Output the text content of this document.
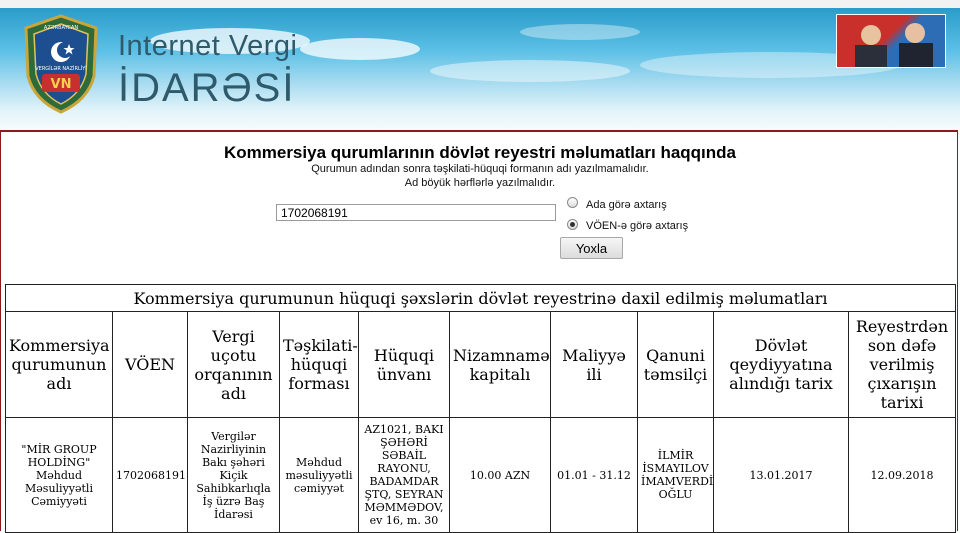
AZƏRBAYCAN
VERGİLƏR NAZİRLİYİ
VN
Internet Vergi
İDARƏSİ
Kommersiya qurumlarının dövlət reyestri məlumatları haqqında
Qurumun adından sonra təşkilati-hüquqi formanın adı yazılmamalıdır.
Ad böyük hərflərlə yazılmalıdır.
1702068191
Ada görə axtarış
VÖEN-ə görə axtarış
Yoxla
Kommersiya qurumunun hüquqi şəxslərin dövlət reyestrinə daxil edilmiş məlumatları									
Kommersiya qurumunun adı	VÖEN	Vergi uçotu orqanının adı	Təşkilati-hüquqi forması	Hüquqi ünvanı	Nizamnamə kapitalı	Maliyyə ili	Qanuni təmsilçi	Dövlət qeydiyyatına alındığı tarix	Reyestrdən son dəfə verilmiş çıxarışın tarixi
"MİR GROUP HOLDİNG" Məhdud Məsuliyyətli Cəmiyyəti	1702068191	Vergilər Nazirliyinin Bakı şəhəri Kiçik Sahibkarlıqla İş üzrə Baş İdarəsi	Məhdud məsuliyyətli cəmiyyət	AZ1021, BAKI ŞƏHƏRİ SƏBAİL RAYONU, BADAMDAR ŞTQ, SEYRAN MƏMMƏDOV, ev 16, m. 30	10.00 AZN	01.01 - 31.12	İLMİR İSMAYILOV İMAMVERDİ OĞLU	13.01.2017	12.09.2018
